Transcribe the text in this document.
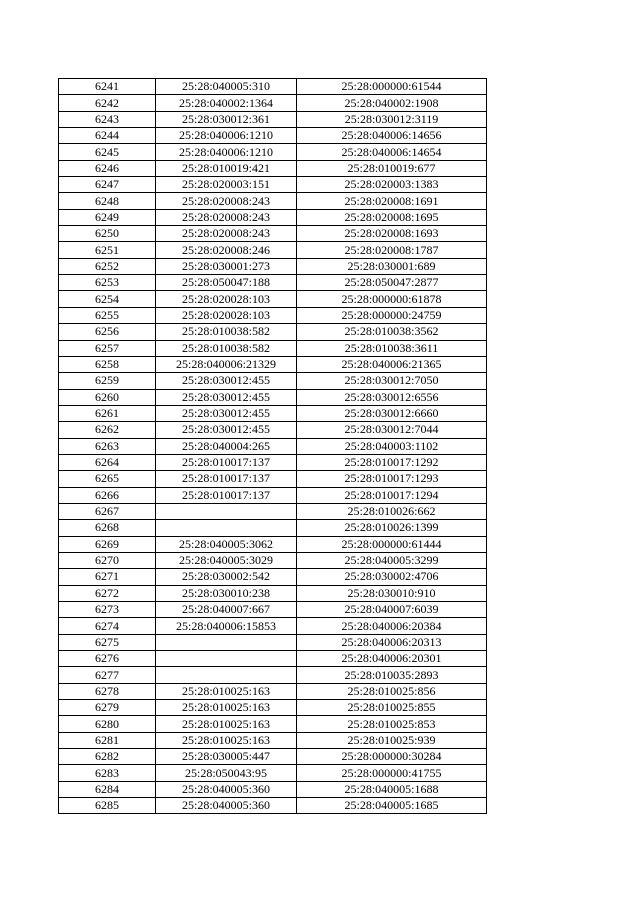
6241	25:28:040005:310	25:28:000000:61544
6242	25:28:040002:1364	25:28:040002:1908
6243	25:28:030012:361	25:28:030012:3119
6244	25:28:040006:1210	25:28:040006:14656
6245	25:28:040006:1210	25:28:040006:14654
6246	25:28:010019:421	25:28:010019:677
6247	25:28:020003:151	25:28:020003:1383
6248	25:28:020008:243	25:28:020008:1691
6249	25:28:020008:243	25:28:020008:1695
6250	25:28:020008:243	25:28:020008:1693
6251	25:28:020008:246	25:28:020008:1787
6252	25:28:030001:273	25:28:030001:689
6253	25:28:050047:188	25:28:050047:2877
6254	25:28:020028:103	25:28:000000:61878
6255	25:28:020028:103	25:28:000000:24759
6256	25:28:010038:582	25:28:010038:3562
6257	25:28:010038:582	25:28:010038:3611
6258	25:28:040006:21329	25:28:040006:21365
6259	25:28:030012:455	25:28:030012:7050
6260	25:28:030012:455	25:28:030012:6556
6261	25:28:030012:455	25:28:030012:6660
6262	25:28:030012:455	25:28:030012:7044
6263	25:28:040004:265	25:28:040003:1102
6264	25:28:010017:137	25:28:010017:1292
6265	25:28:010017:137	25:28:010017:1293
6266	25:28:010017:137	25:28:010017:1294
6267		25:28:010026:662
6268		25:28:010026:1399
6269	25:28:040005:3062	25:28:000000:61444
6270	25:28:040005:3029	25:28:040005:3299
6271	25:28:030002:542	25:28:030002:4706
6272	25:28:030010:238	25:28:030010:910
6273	25:28:040007:667	25:28:040007:6039
6274	25:28:040006:15853	25:28:040006:20384
6275		25:28:040006:20313
6276		25:28:040006:20301
6277		25:28:010035:2893
6278	25:28:010025:163	25:28:010025:856
6279	25:28:010025:163	25:28:010025:855
6280	25:28:010025:163	25:28:010025:853
6281	25:28:010025:163	25:28:010025:939
6282	25:28:030005:447	25:28:000000:30284
6283	25:28:050043:95	25:28:000000:41755
6284	25:28:040005:360	25:28:040005:1688
6285	25:28:040005:360	25:28:040005:1685
